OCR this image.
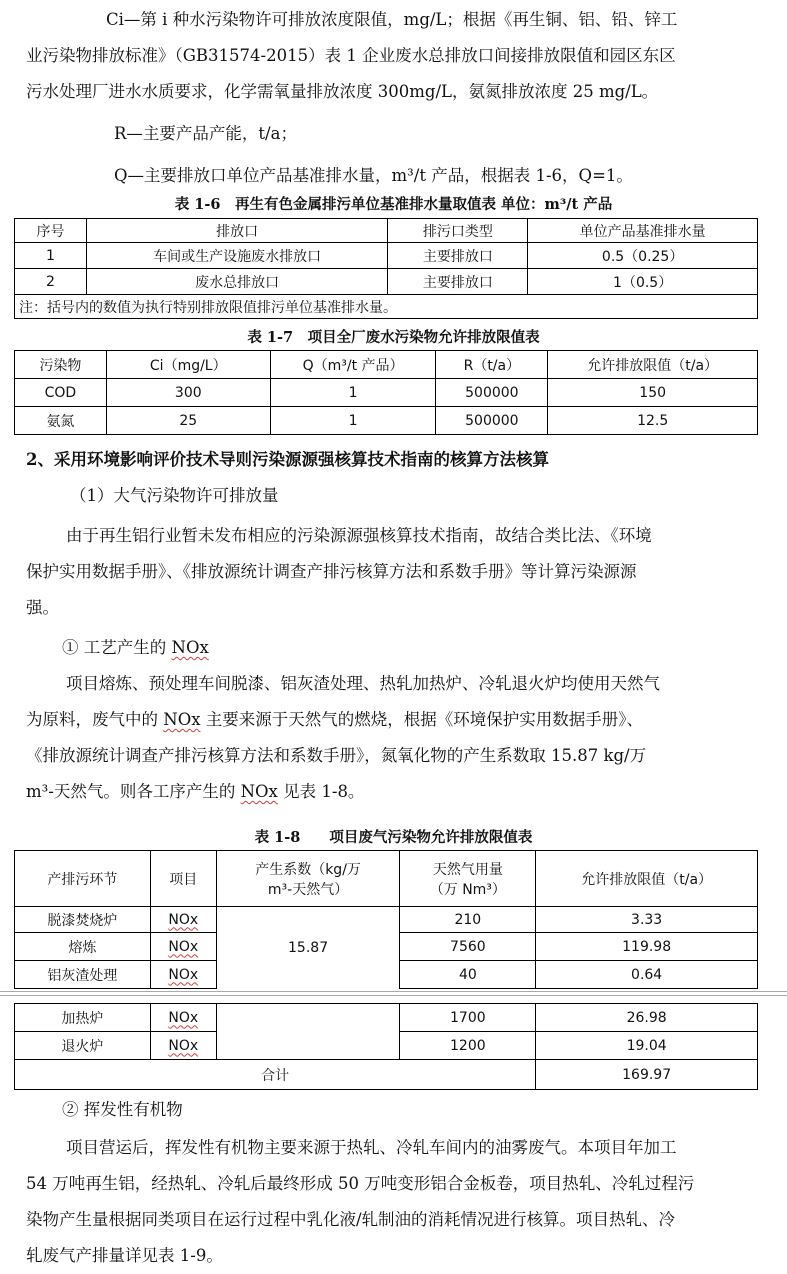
Ci—第 i 种水污染物许可排放浓度限值，mg/L；根据《再生铜、铝、铅、锌工

业污染物排放标准》（GB31574-2015）表 1 企业废水总排放口间接排放限值和园区东区

污水处理厂进水水质要求，化学需氧量排放浓度 300mg/L，氨氮排放浓度 25 mg/L。

R—主要产品产能，t/a；

Q—主要排放口单位产品基准排水量，m³/t 产品，根据表 1-6，Q=1。

表 1-6　再生有色金属排污单位基准排水量取值表 单位：m³/t 产品
序号	排放口	排污口类型	单位产品基准排水量
1	车间或生产设施废水排放口	主要排放口	0.5（0.25）
2	废水总排放口	主要排放口	1（0.5）
注：括号内的数值为执行特别排放限值排污单位基准排水量。			
表 1-7　项目全厂废水污染物允许排放限值表
污染物	Ci（mg/L）	Q（m³/t 产品）	R（t/a）	允许排放限值（t/a）
COD	300	1	500000	150
氨氮	25	1	500000	12.5
2、采用环境影响评价技术导则污染源源强核算技术指南的核算方法核算

（1）大气污染物许可排放量

由于再生铝行业暂未发布相应的污染源源强核算技术指南，故结合类比法、《环境

保护实用数据手册》、《排放源统计调查产排污核算方法和系数手册》等计算污染源源

强。

① 工艺产生的 NOx

项目熔炼、预处理车间脱漆、铝灰渣处理、热轧加热炉、冷轧退火炉均使用天然气

为原料，废气中的 NOx 主要来源于天然气的燃烧，根据《环境保护实用数据手册》、

《排放源统计调查产排污核算方法和系数手册》，氮氧化物的产生系数取 15.87 kg/万

m³-天然气。则各工序产生的 NOx 见表 1-8。

表 1-8　　项目废气污染物允许排放限值表
产排污环节	项目	产生系数（kg/万
m³-天然气）	天然气用量
（万 Nm³）	允许排放限值（t/a）
脱漆焚烧炉	NOx	15.87	210	3.33
熔炼	NOx		7560	119.98
铝灰渣处理	NOx		40	0.64
加热炉	NOx		1700	26.98
退火炉	NOx		1200	19.04
合计				169.97

② 挥发性有机物

项目营运后，挥发性有机物主要来源于热轧、冷轧车间内的油雾废气。本项目年加工

54 万吨再生铝，经热轧、冷轧后最终形成 50 万吨变形铝合金板卷，项目热轧、冷轧过程污

染物产生量根据同类项目在运行过程中乳化液/轧制油的消耗情况进行核算。项目热轧、冷

轧废气产排量详见表 1-9。
